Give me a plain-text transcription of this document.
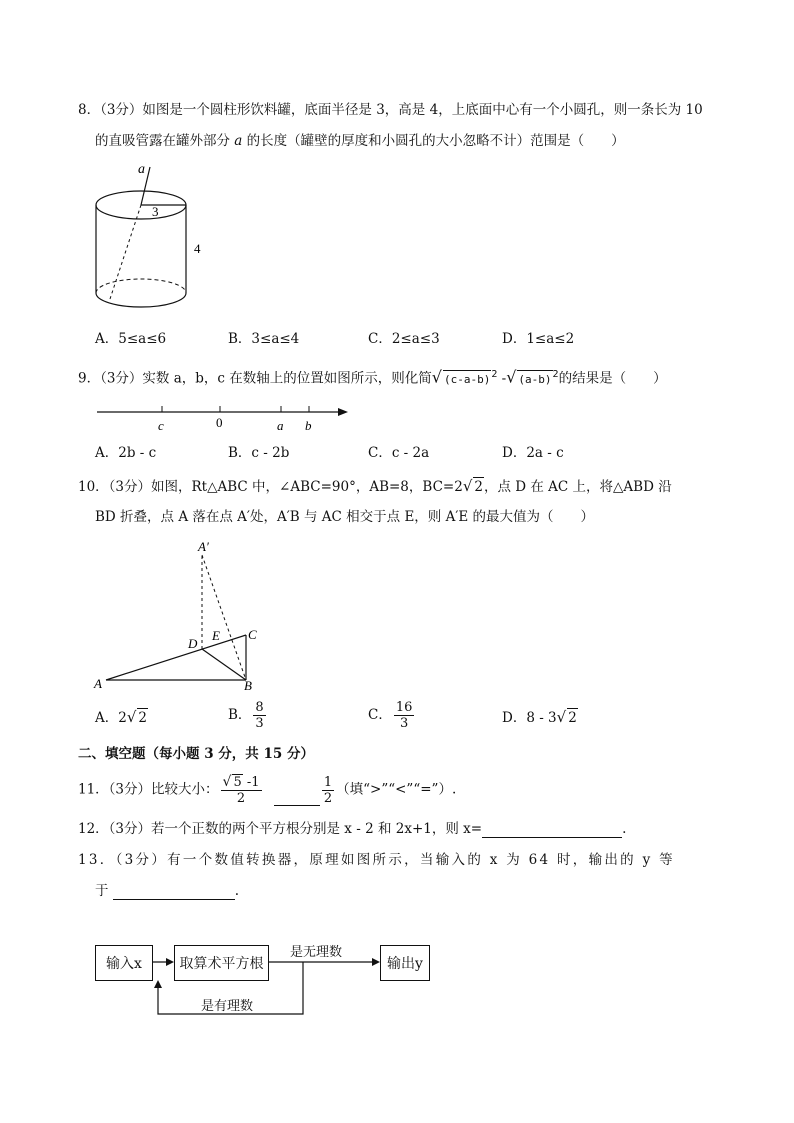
8．（3分）如图是一个圆柱形饮料罐，底面半径是 3，高是 4，上底面中心有一个小圆孔，则一条长为 10
的直吸管露在罐外部分 a 的长度（罐壁的厚度和小圆孔的大小忽略不计）范围是（　　）
a
3
4
A．5≤a≤6	B．3≤a≤4	C．2≤a≤3	D．1≤a≤2
9．（3分）实数 a，b，c 在数轴上的位置如图所示，则化简√ $(c-a-b)^2$ -√ $(a-b)^2$的结果是（　　）
c	0	a b
A．2b - c	B．c - 2b	C．c - 2a	D．2a - c
10．（3分）如图，Rt△ABC 中，∠ABC=90°，AB=8，BC=2√ 2，点 D 在 AC 上，将△ABD 沿
BD 折叠，点 A 落在点 A′处，A′B 与 AC 相交于点 E，则 A′E 的最大值为（　　）
A′
D
E C
A	B
A．2√ 2	B． $\frac{8}{3}$	C． $\frac{16}{3}$	D．8 - 3√ 2
二、填空题（每小题 3 分，共 15 分）
11．（3分）比较大小： $\frac{√ 5 -1}{2}$
	$\frac{1}{2}$ （填“>”“<”“=”）.
12．（3分）若一个正数的两个平方根分别是 x - 2 和 2x+1，则 x=	.
13．（3分）有一个数值转换器，原理如图所示，当输入的 x 为 64 时，输出的 y 等
于	.
输入x	取算术平方根	输出y
是无理数
是有理数
